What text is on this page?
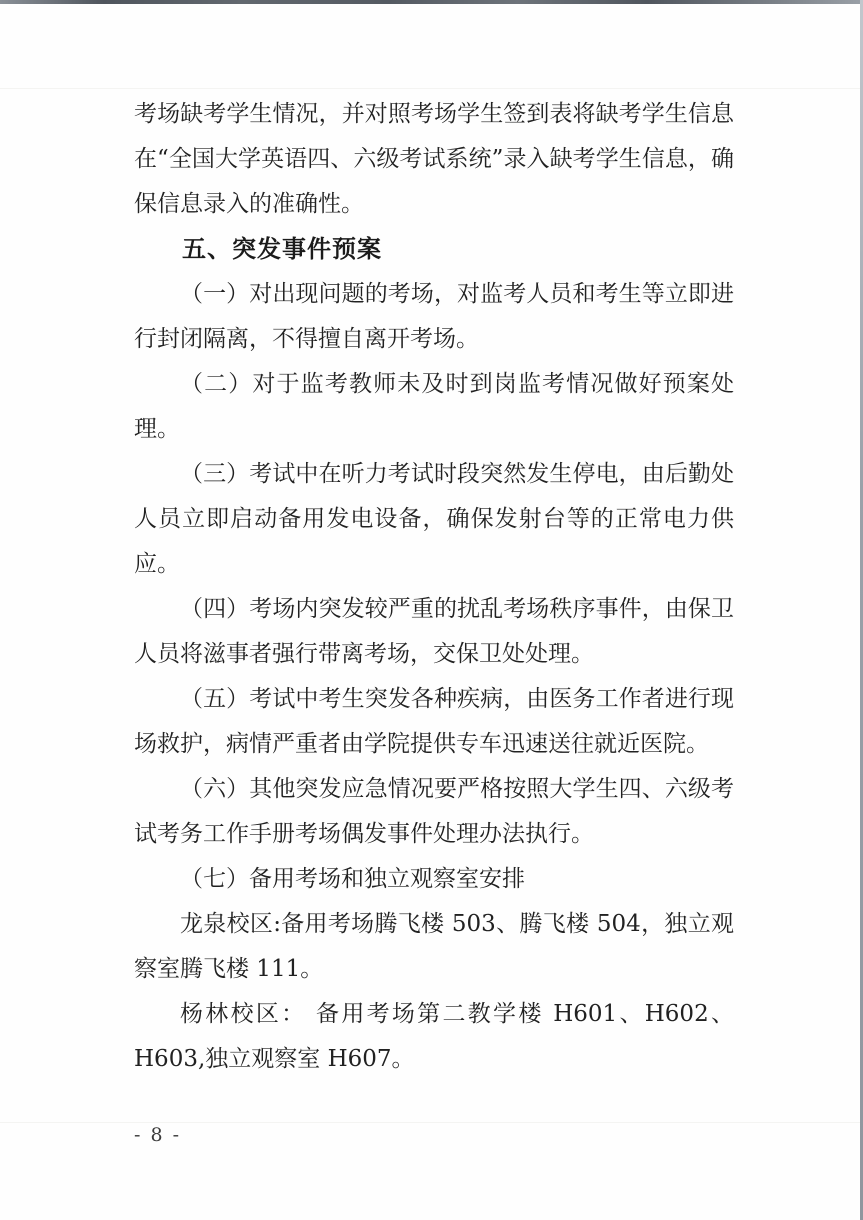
考场缺考学生情况，并对照考场学生签到表将缺考学生信息在“全国大学英语四、六级考试系统”录入缺考学生信息，确保信息录入的准确性。

五、突发事件预案

（一）对出现问题的考场，对监考人员和考生等立即进行封闭隔离，不得擅自离开考场。

（二）对于监考教师未及时到岗监考情况做好预案处理。

（三）考试中在听力考试时段突然发生停电，由后勤处人员立即启动备用发电设备，确保发射台等的正常电力供应。

（四）考场内突发较严重的扰乱考场秩序事件，由保卫人员将滋事者强行带离考场，交保卫处处理。

（五）考试中考生突发各种疾病，由医务工作者进行现场救护，病情严重者由学院提供专车迅速送往就近医院。

（六）其他突发应急情况要严格按照大学生四、六级考试考务工作手册考场偶发事件处理办法执行。

（七）备用考场和独立观察室安排

龙泉校区:备用考场腾飞楼 503、腾飞楼 504，独立观察室腾飞楼 111。

杨林校区： 备用考场第二教学楼 H601、H602、H603,独立观察室 H607。

- 8 -
